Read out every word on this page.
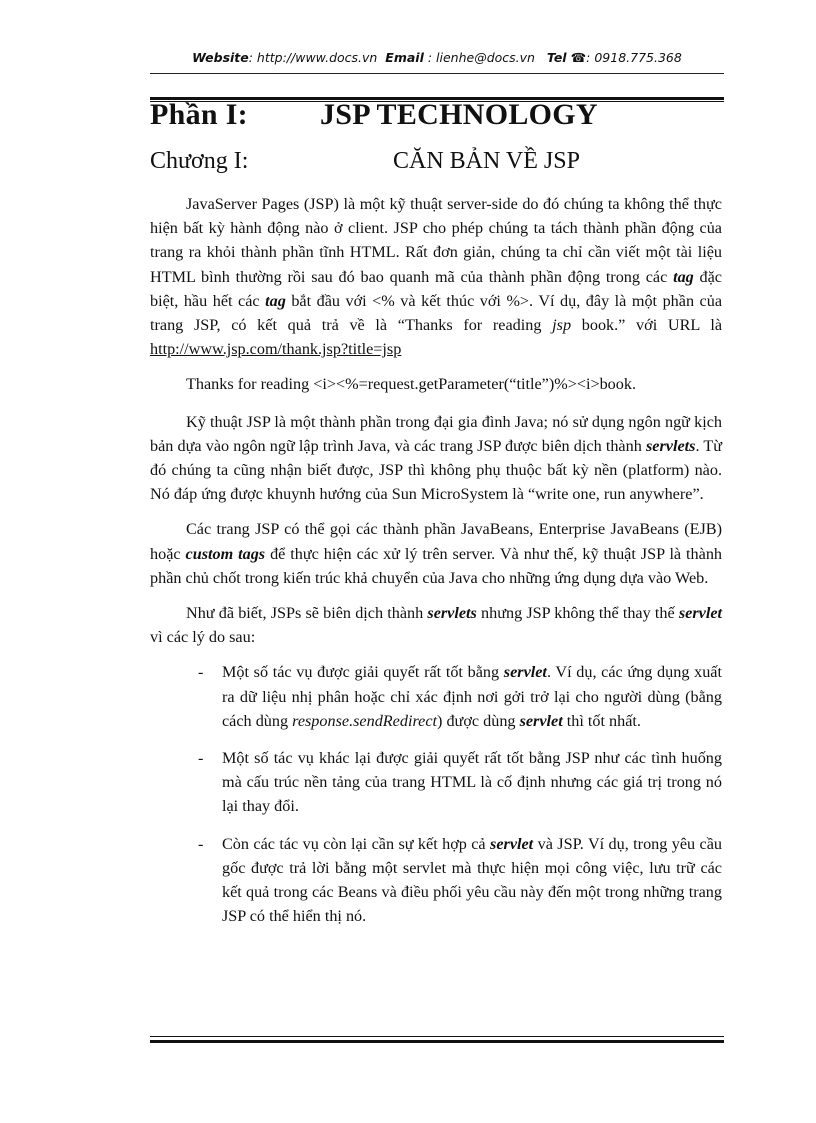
Website: http://www.docs.vn Email : lienhe@docs.vn Tel ☎: 0918.775.368
Phần I: JSP TECHNOLOGY
Chương I:	CĂN BẢN VỀ JSP

JavaServer Pages (JSP) là một kỹ thuật server-side do đó chúng ta không thể thực hiện bất kỳ hành động nào ở client. JSP cho phép chúng ta tách thành phần động của trang ra khỏi thành phần tĩnh HTML. Rất đơn giản, chúng ta chỉ cần viết một tài liệu HTML bình thường rồi sau đó bao quanh mã của thành phần động trong các tag đặc biệt, hầu hết các tag bắt đầu với <% và kết thúc với %>. Ví dụ, đây là một phần của trang JSP, có kết quả trả về là “Thanks for reading jsp book.” với URL là http://www.jsp.com/thank.jsp?title=jsp

Thanks for reading <i><%=request.getParameter(“title”)%><i>book.

Kỹ thuật JSP là một thành phần trong đại gia đình Java; nó sử dụng ngôn ngữ kịch bản dựa vào ngôn ngữ lập trình Java, và các trang JSP được biên dịch thành servlets. Từ đó chúng ta cũng nhận biết được, JSP thì không phụ thuộc bất kỳ nền (platform) nào. Nó đáp ứng được khuynh hướng của Sun MicroSystem là “write one, run anywhere”.

Các trang JSP có thể gọi các thành phần JavaBeans, Enterprise JavaBeans (EJB) hoặc custom tags để thực hiện các xử lý trên server. Và như thế, kỹ thuật JSP là thành phần chủ chốt trong kiến trúc khả chuyển của Java cho những ứng dụng dựa vào Web.

Như đã biết, JSPs sẽ biên dịch thành servlets nhưng JSP không thể thay thế servlet vì các lý do sau:

- Một số tác vụ được giải quyết rất tốt bằng servlet. Ví dụ, các ứng dụng xuất ra dữ liệu nhị phân hoặc chỉ xác định nơi gởi trở lại cho người dùng (bằng cách dùng response.sendRedirect) được dùng servlet thì tốt nhất.
- Một số tác vụ khác lại được giải quyết rất tốt bằng JSP như các tình huống mà cấu trúc nền tảng của trang HTML là cố định nhưng các giá trị trong nó lại thay đổi.
- Còn các tác vụ còn lại cần sự kết hợp cả servlet và JSP. Ví dụ, trong yêu cầu gốc được trả lời bằng một servlet mà thực hiện mọi công việc, lưu trữ các kết quả trong các Beans và điều phối yêu cầu này đến một trong những trang JSP có thể hiển thị nó.
